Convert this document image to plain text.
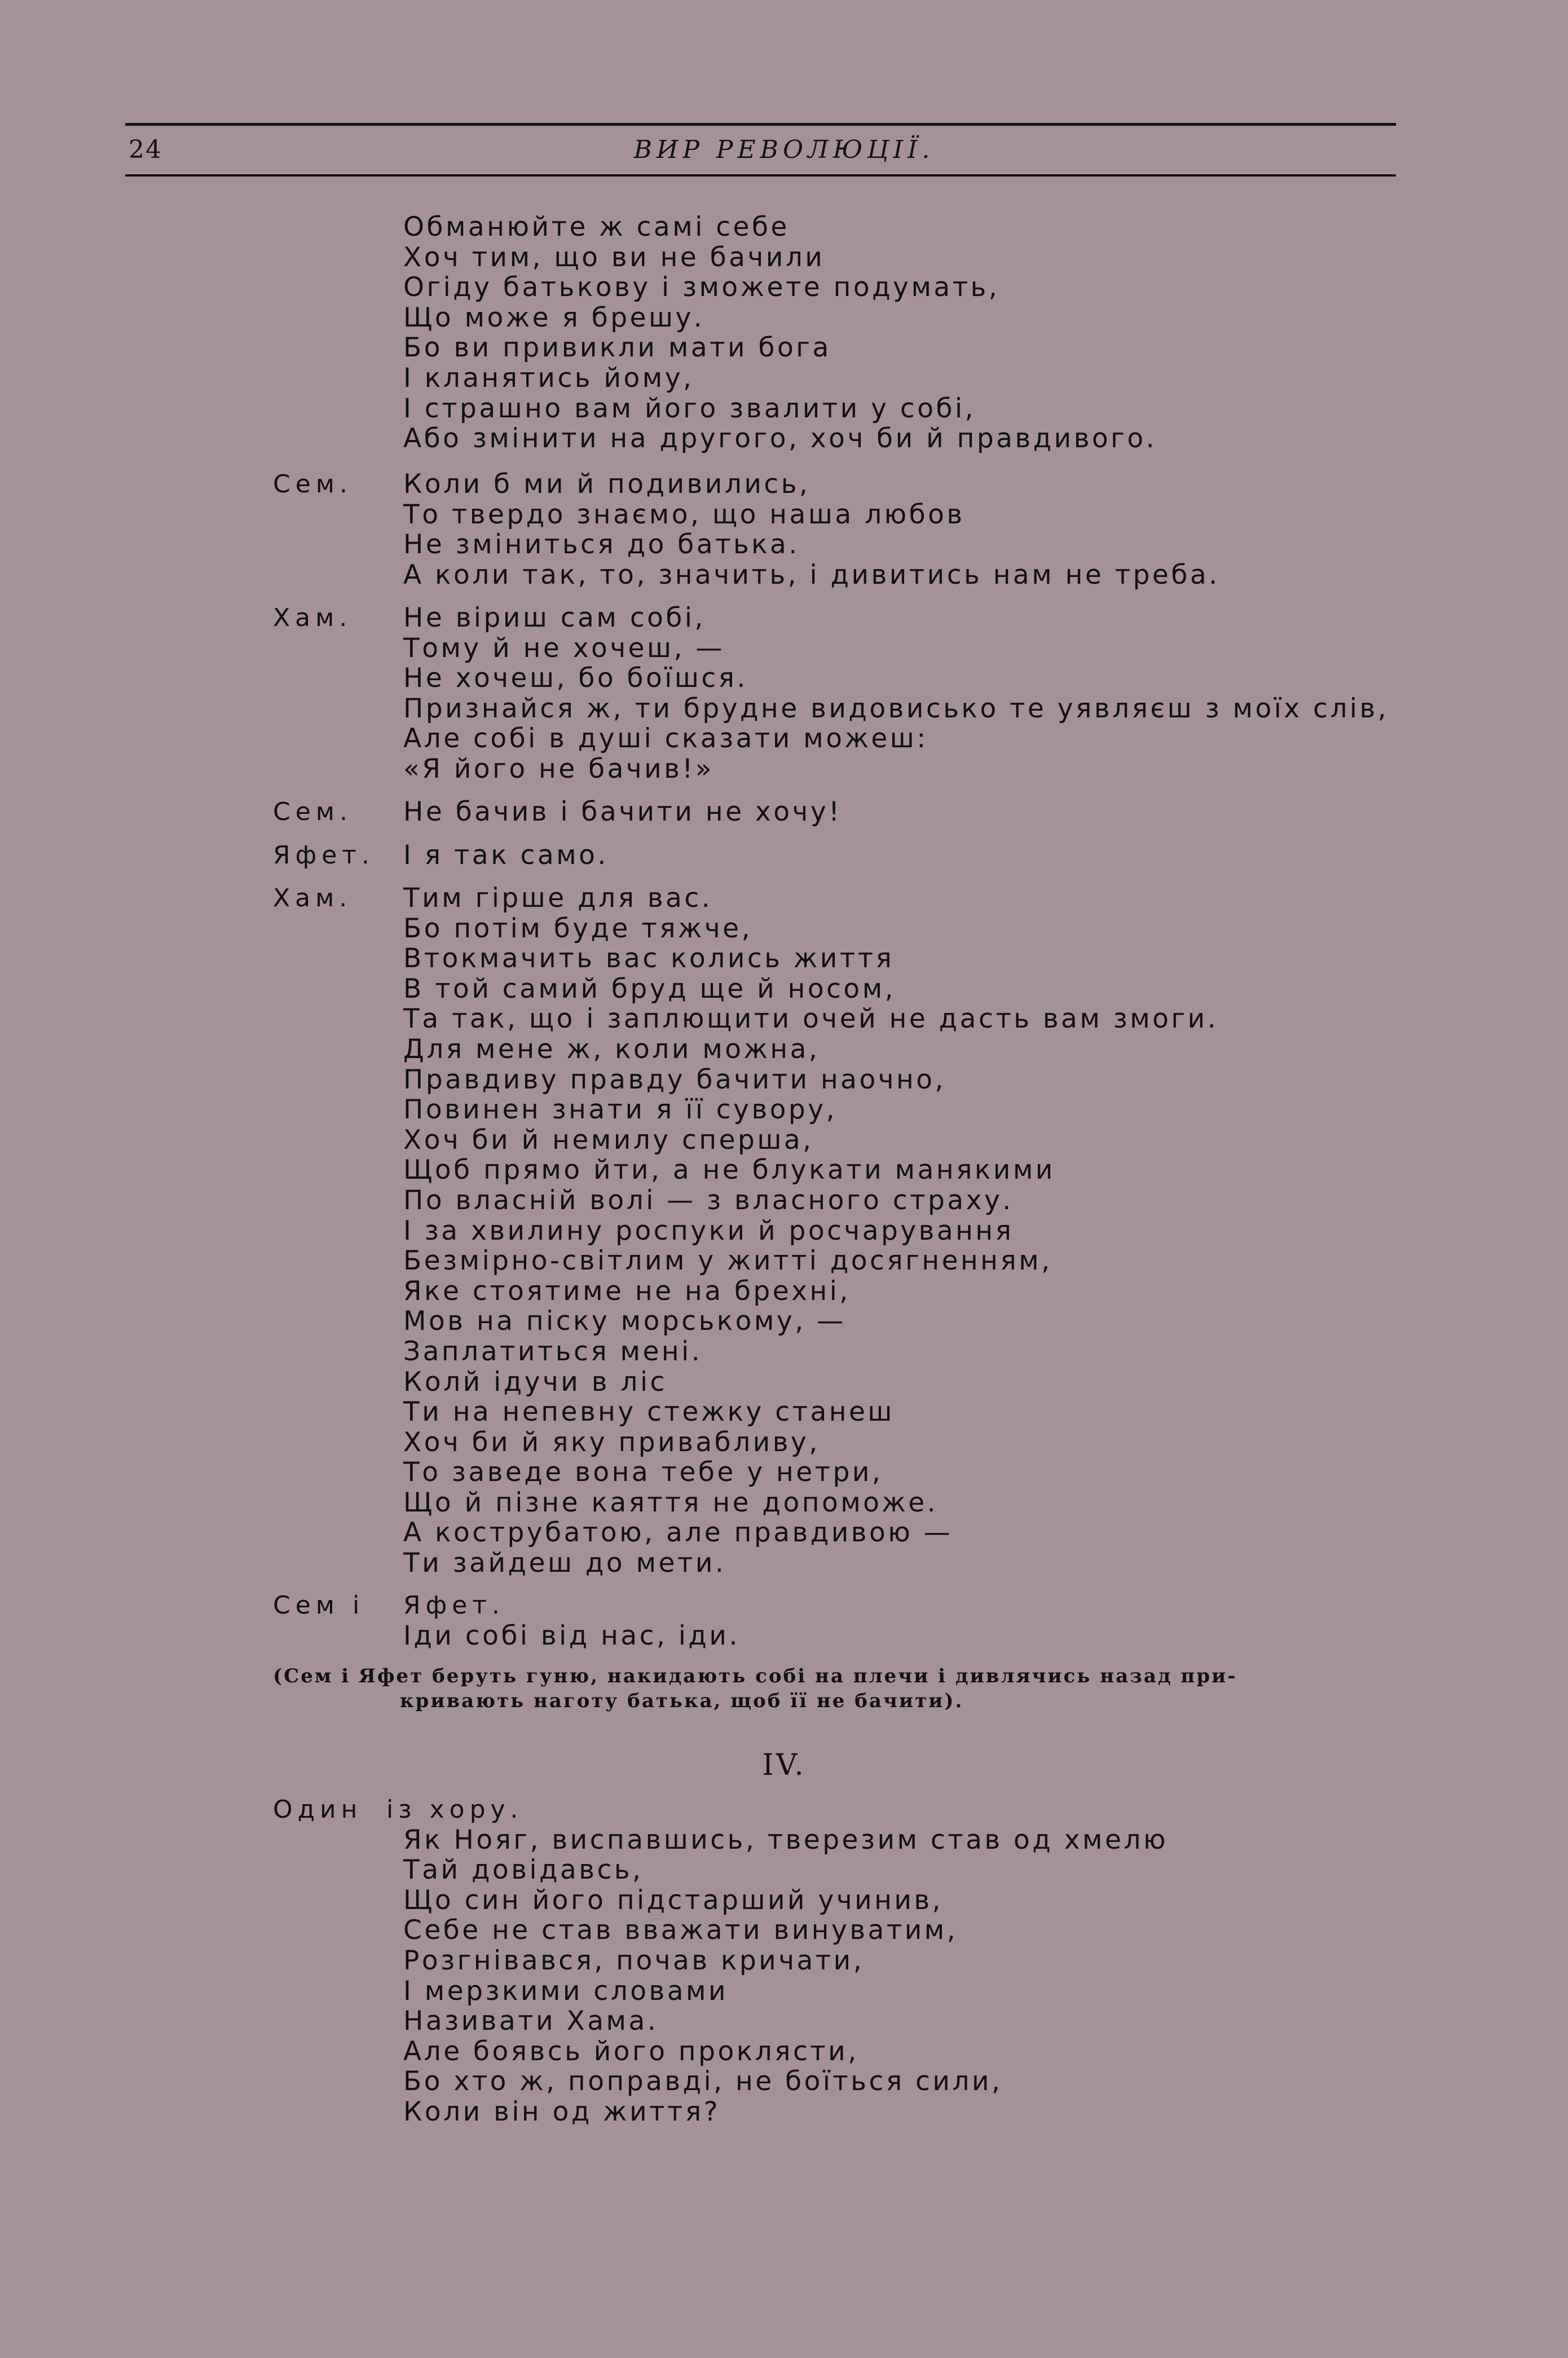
24	ВИР РЕВОЛЮЦІЇ.
Обманюйте ж самі себе
Хоч тим, що ви не бачили
Огіду батькову і зможете подумать,
Що може я брешу.
Бо ви привикли мати бога
І кланятись йому,
І страшно вам його звалити у собі,
Або змінити на другого, хоч би й правдивого.
Сем. Коли б ми й подивились,
То твердо знаємо, що наша любов
Не зміниться до батька.
А коли так, то, значить, і дивитись нам не треба.
Хам. Не віриш сам собі,
Тому й не хочеш, —
Не хочеш, бо боїшся.
Признайся ж, ти брудне видовисько те уявляєш з моїх слів,
Але собі в душі сказати можеш:
«Я його не бачив!»
Сем. Не бачив і бачити не хочу!
Яфет. І я так само.
Хам. Тим гірше для вас.
Бо потім буде тяжче,
Втокмачить вас колись життя
В той самий бруд ще й носом,
Та так, що і заплющити очей не дасть вам змоги.
Для мене ж, коли можна,
Правдиву правду бачити наочно,
Повинен знати я її сувору,
Хоч би й немилу сперша,
Щоб прямо йти, а не блукати манякими
По власній волі — з власного страху.
І за хвилину роспуки й росчарування
Безмірно-світлим у житті досягненням,
Яке стоятиме не на брехні,
Мов на піску морському, —
Заплатиться мені.
Колй ідучи в ліс
Ти на непевну стежку станеш
Хоч би й яку привабливу,
То заведе вона тебе у нетри,
Що й пізне каяття не допоможе.
А кострубатою, але правдивою —
Ти зайдеш до мети.
Сем і Яфет.
Іди собі від нас, іди.
(Сем і Яфет беруть гуню, накидають собі на плечи і дивлячись назад при-
кривають наготу батька, щоб її не бачити).
IV.
Один із хору.
Як Нояг, виспавшись, тверезим став од хмелю
Тай довідавсь,
Що син його підстарший учинив,
Себе не став вважати винуватим,
Розгнівався, почав кричати,
І мерзкими словами
Називати Хама.
Але боявсь його проклясти,
Бо хто ж, поправді, не боїться сили,
Коли він од життя?
